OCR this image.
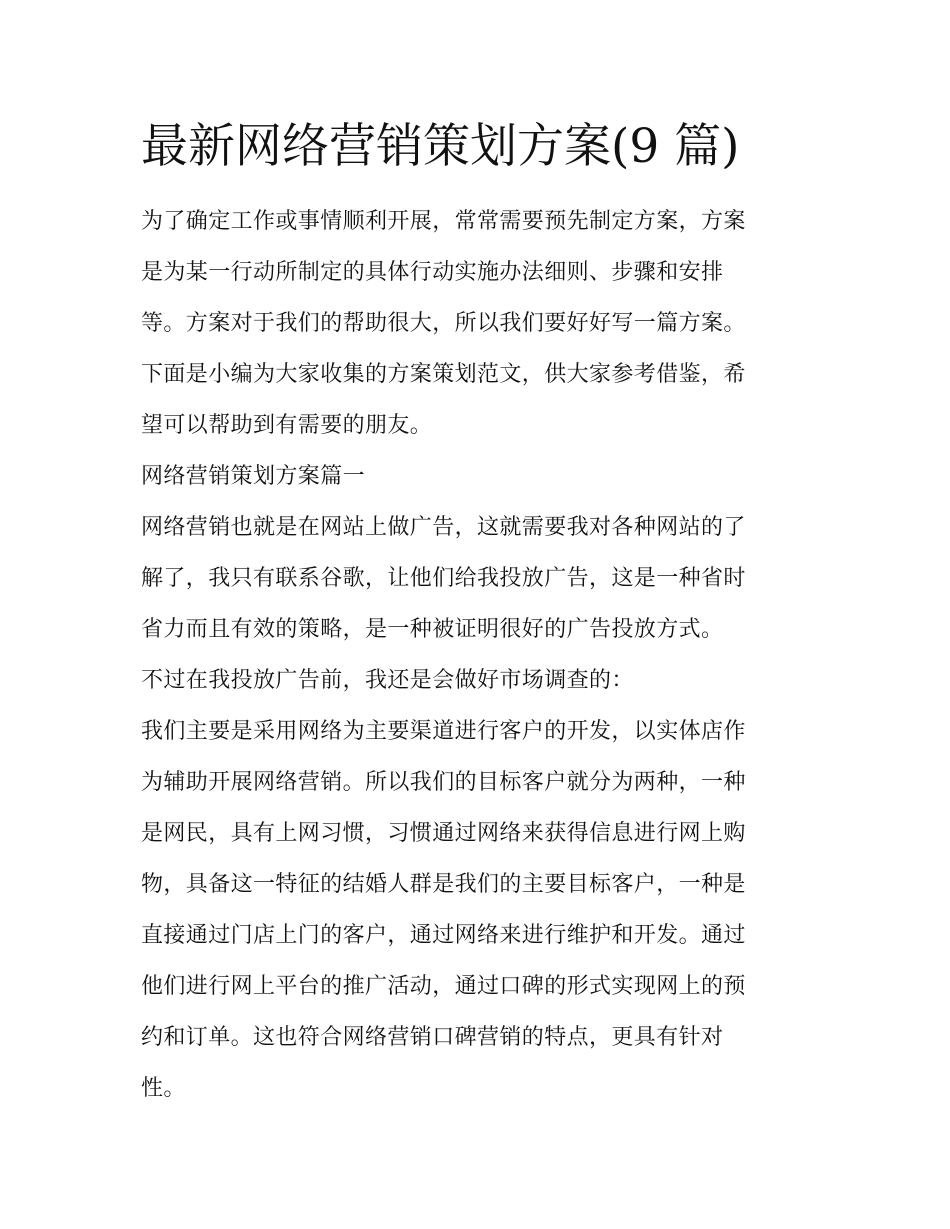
最新网络营销策划方案(9 篇)
为了确定工作或事情顺利开展，常常需要预先制定方案，方案
是为某一行动所制定的具体行动实施办法细则、步骤和安排
等。方案对于我们的帮助很大，所以我们要好好写一篇方案。
下面是小编为大家收集的方案策划范文，供大家参考借鉴，希
望可以帮助到有需要的朋友。
网络营销策划方案篇一
网络营销也就是在网站上做广告，这就需要我对各种网站的了
解了，我只有联系谷歌，让他们给我投放广告，这是一种省时
省力而且有效的策略，是一种被证明很好的广告投放方式。
不过在我投放广告前，我还是会做好市场调查的：
我们主要是采用网络为主要渠道进行客户的开发，以实体店作
为辅助开展网络营销。所以我们的目标客户就分为两种，一种
是网民，具有上网习惯，习惯通过网络来获得信息进行网上购
物，具备这一特征的结婚人群是我们的主要目标客户，一种是
直接通过门店上门的客户，通过网络来进行维护和开发。通过
他们进行网上平台的推广活动，通过口碑的形式实现网上的预
约和订单。这也符合网络营销口碑营销的特点，更具有针对
性。
